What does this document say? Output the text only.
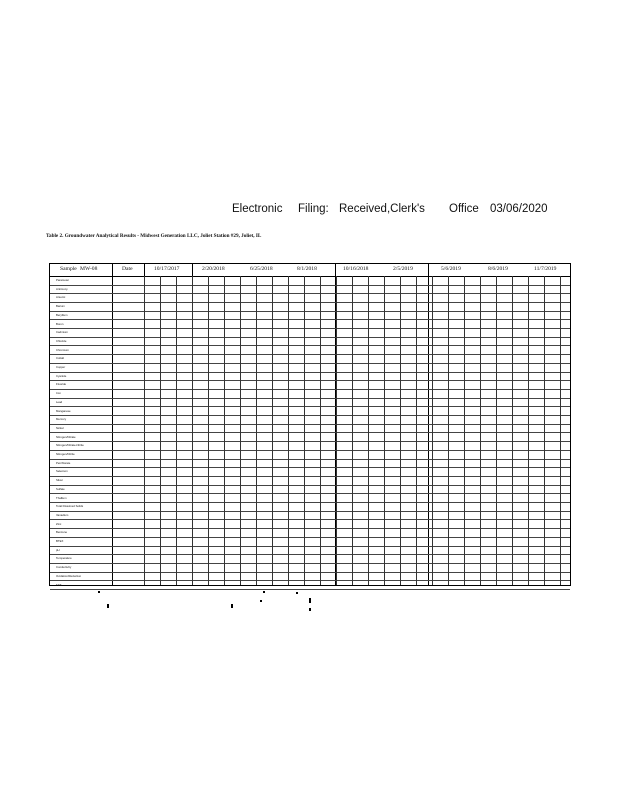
Electronic Filing: Received,Clerk's Office 03/06/2020
Table 2. Groundwater Analytical Results - Midwest Generation LLC, Joliet Station #29, Joliet, IL
Sample MW-08	Date	10/17/2017	2/20/2018	6/25/2018	8/1/2018	10/16/2018	2/5/2019	5/6/2019	8/6/2019	11/7/2019
Parameter
Antimony
Arsenic
Barium
Beryllium
Boron
Cadmium
Chloride
Chromium
Cobalt
Copper
Cyanide
Fluoride
Iron
Lead
Manganese
Mercury
Nickel
Nitrogen/Nitrate
Nitrogen/Nitrate-Nitrite
Nitrogen/Nitrite
Perchlorate
Selenium
Silver
Sulfate
Thallium
Total Dissolved Solids
Vanadium
Zinc
Benzene
BTEX
pH
Temperature
Conductivity
Oxidation/Reduction
TDS
